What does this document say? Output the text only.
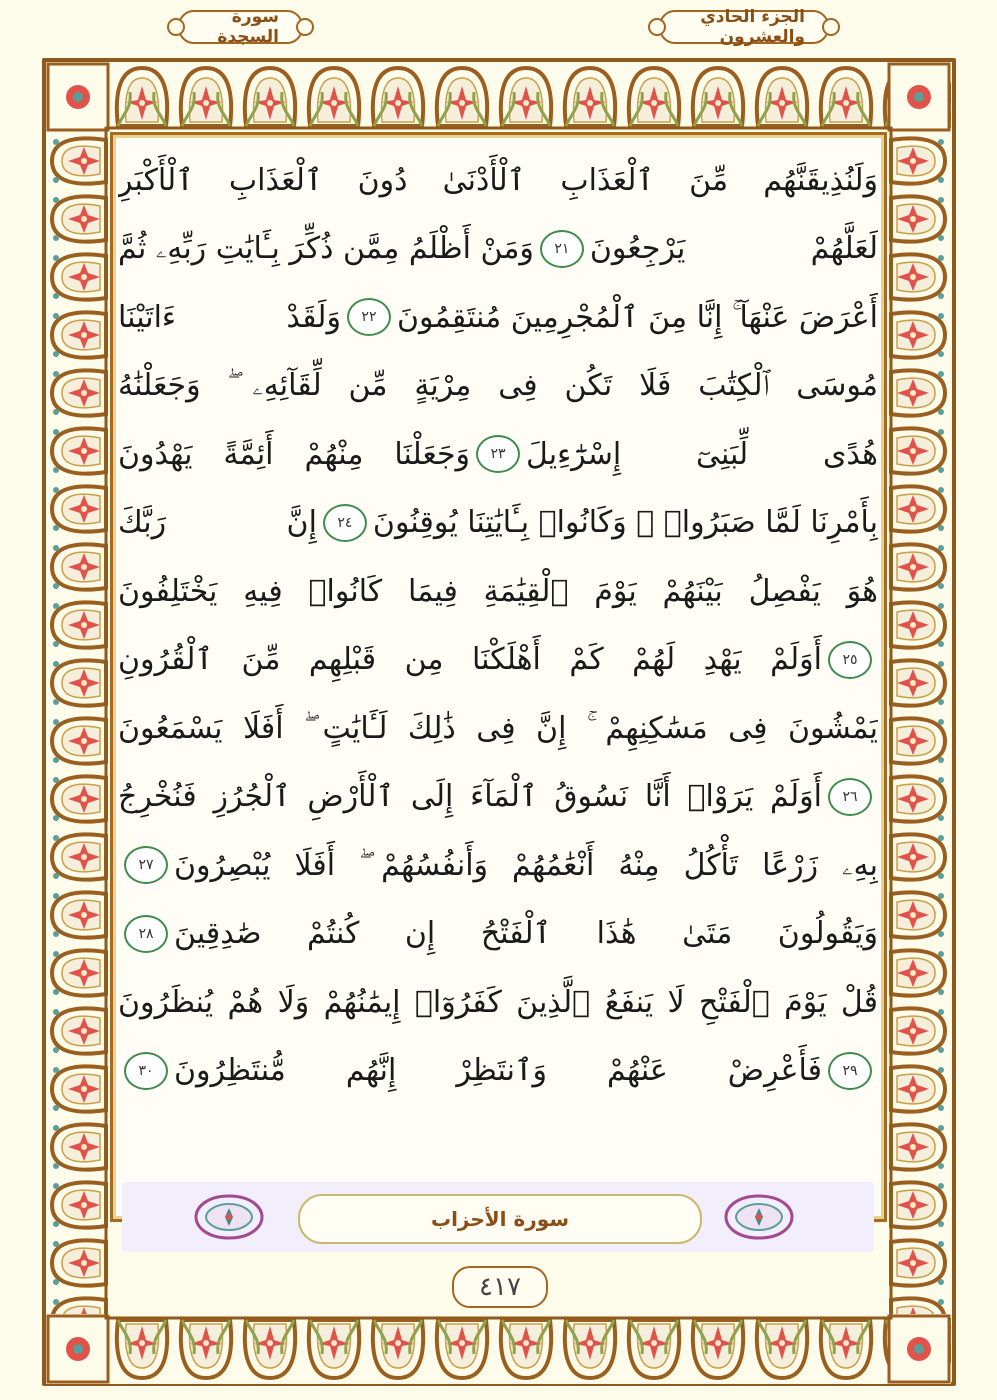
الجزء الحادي والعشرون
سورة السجدة
وَلَنُذِيقَنَّهُم مِّنَ ٱلْعَذَابِ ٱلْأَدْنَىٰ دُونَ ٱلْعَذَابِ ٱلْأَكْبَرِ
لَعَلَّهُمْ يَرْجِعُونَ
٢١
وَمَنْ أَظْلَمُ مِمَّن ذُكِّرَ بِـَٔايَٰتِ رَبِّهِۦ ثُمَّ
أَعْرَضَ عَنْهَآ ۚ إِنَّا مِنَ ٱلْمُجْرِمِينَ مُنتَقِمُونَ
٢٢
وَلَقَدْ ءَاتَيْنَا
مُوسَى ٱلْكِتَٰبَ فَلَا تَكُن فِى مِرْيَةٍ مِّن لِّقَآئِهِۦ ۖ وَجَعَلْنَٰهُ
هُدًى لِّبَنِىٓ إِسْرَٰٓءِيلَ
٢٣
وَجَعَلْنَا مِنْهُمْ أَئِمَّةً يَهْدُونَ
بِأَمْرِنَا لَمَّا صَبَرُوا۟ ۖ وَكَانُوا۟ بِـَٔايَٰتِنَا يُوقِنُونَ
٢٤
إِنَّ رَبَّكَ
هُوَ يَفْصِلُ بَيْنَهُمْ يَوْمَ ٱلْقِيَٰمَةِ فِيمَا كَانُوا۟ فِيهِ يَخْتَلِفُونَ
٢٥
أَوَلَمْ يَهْدِ لَهُمْ كَمْ أَهْلَكْنَا مِن قَبْلِهِم مِّنَ ٱلْقُرُونِ
يَمْشُونَ فِى مَسَٰكِنِهِمْ ۚ إِنَّ فِى ذَٰلِكَ لَـَٔايَٰتٍ ۖ أَفَلَا يَسْمَعُونَ
٢٦
أَوَلَمْ يَرَوْا۟ أَنَّا نَسُوقُ ٱلْمَآءَ إِلَى ٱلْأَرْضِ ٱلْجُرُزِ فَنُخْرِجُ
بِهِۦ زَرْعًا تَأْكُلُ مِنْهُ أَنْعَٰمُهُمْ وَأَنفُسُهُمْ ۖ أَفَلَا يُبْصِرُونَ
٢٧
وَيَقُولُونَ مَتَىٰ هَٰذَا ٱلْفَتْحُ إِن كُنتُمْ صَٰدِقِينَ
٢٨
قُلْ يَوْمَ ٱلْفَتْحِ لَا يَنفَعُ ٱلَّذِينَ كَفَرُوٓا۟ إِيمَٰنُهُمْ وَلَا هُمْ يُنظَرُونَ
٢٩
فَأَعْرِضْ عَنْهُمْ وَٱنتَظِرْ إِنَّهُم مُّنتَظِرُونَ
٣٠
سورة الأحزاب
٤١٧
